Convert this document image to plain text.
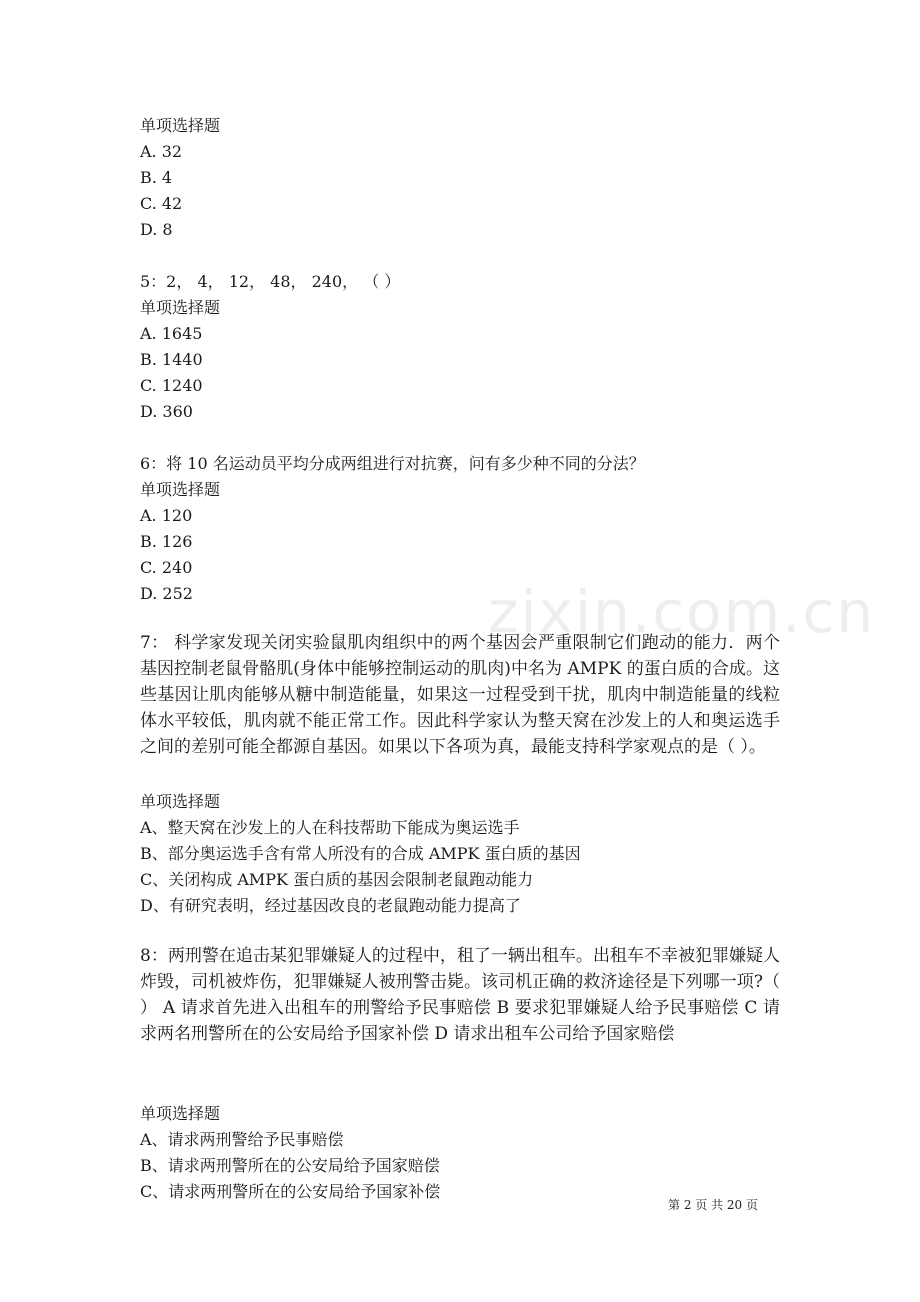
zixin.com.cn
单项选择题
A. 32
B. 4
C. 42
D. 8
5：2， 4， 12， 48， 240， （ ）
单项选择题
A. 1645
B. 1440
C. 1240
D. 360
6：将 10 名运动员平均分成两组进行对抗赛，问有多少种不同的分法？
单项选择题
A. 120
B. 126
C. 240
D. 252
7： 科学家发现关闭实验鼠肌肉组织中的两个基因会严重限制它们跑动的能力．两个基因控制老鼠骨骼肌(身体中能够控制运动的肌肉)中名为 AMPK 的蛋白质的合成。这些基因让肌肉能够从糖中制造能量，如果这一过程受到干扰，肌肉中制造能量的线粒体水平较低，肌肉就不能正常工作。因此科学家认为整天窝在沙发上的人和奥运选手之间的差别可能全都源自基因。如果以下各项为真，最能支持科学家观点的是（ ）。
单项选择题
A、整天窝在沙发上的人在科技帮助下能成为奥运选手
B、部分奥运选手含有常人所没有的合成 AMPK 蛋白质的基因
C、关闭构成 AMPK 蛋白质的基因会限制老鼠跑动能力
D、有研究表明，经过基因改良的老鼠跑动能力提高了
8：两刑警在追击某犯罪嫌疑人的过程中，租了一辆出租车。出租车不幸被犯罪嫌疑人炸毁，司机被炸伤，犯罪嫌疑人被刑警击毙。该司机正确的救济途径是下列哪一项?（ ） A 请求首先进入出租车的刑警给予民事赔偿 B 要求犯罪嫌疑人给予民事赔偿 C 请求两名刑警所在的公安局给予国家补偿 D 请求出租车公司给予国家赔偿
单项选择题
A、请求两刑警给予民事赔偿
B、请求两刑警所在的公安局给予国家赔偿
C、请求两刑警所在的公安局给予国家补偿
第 2 页 共 20 页
